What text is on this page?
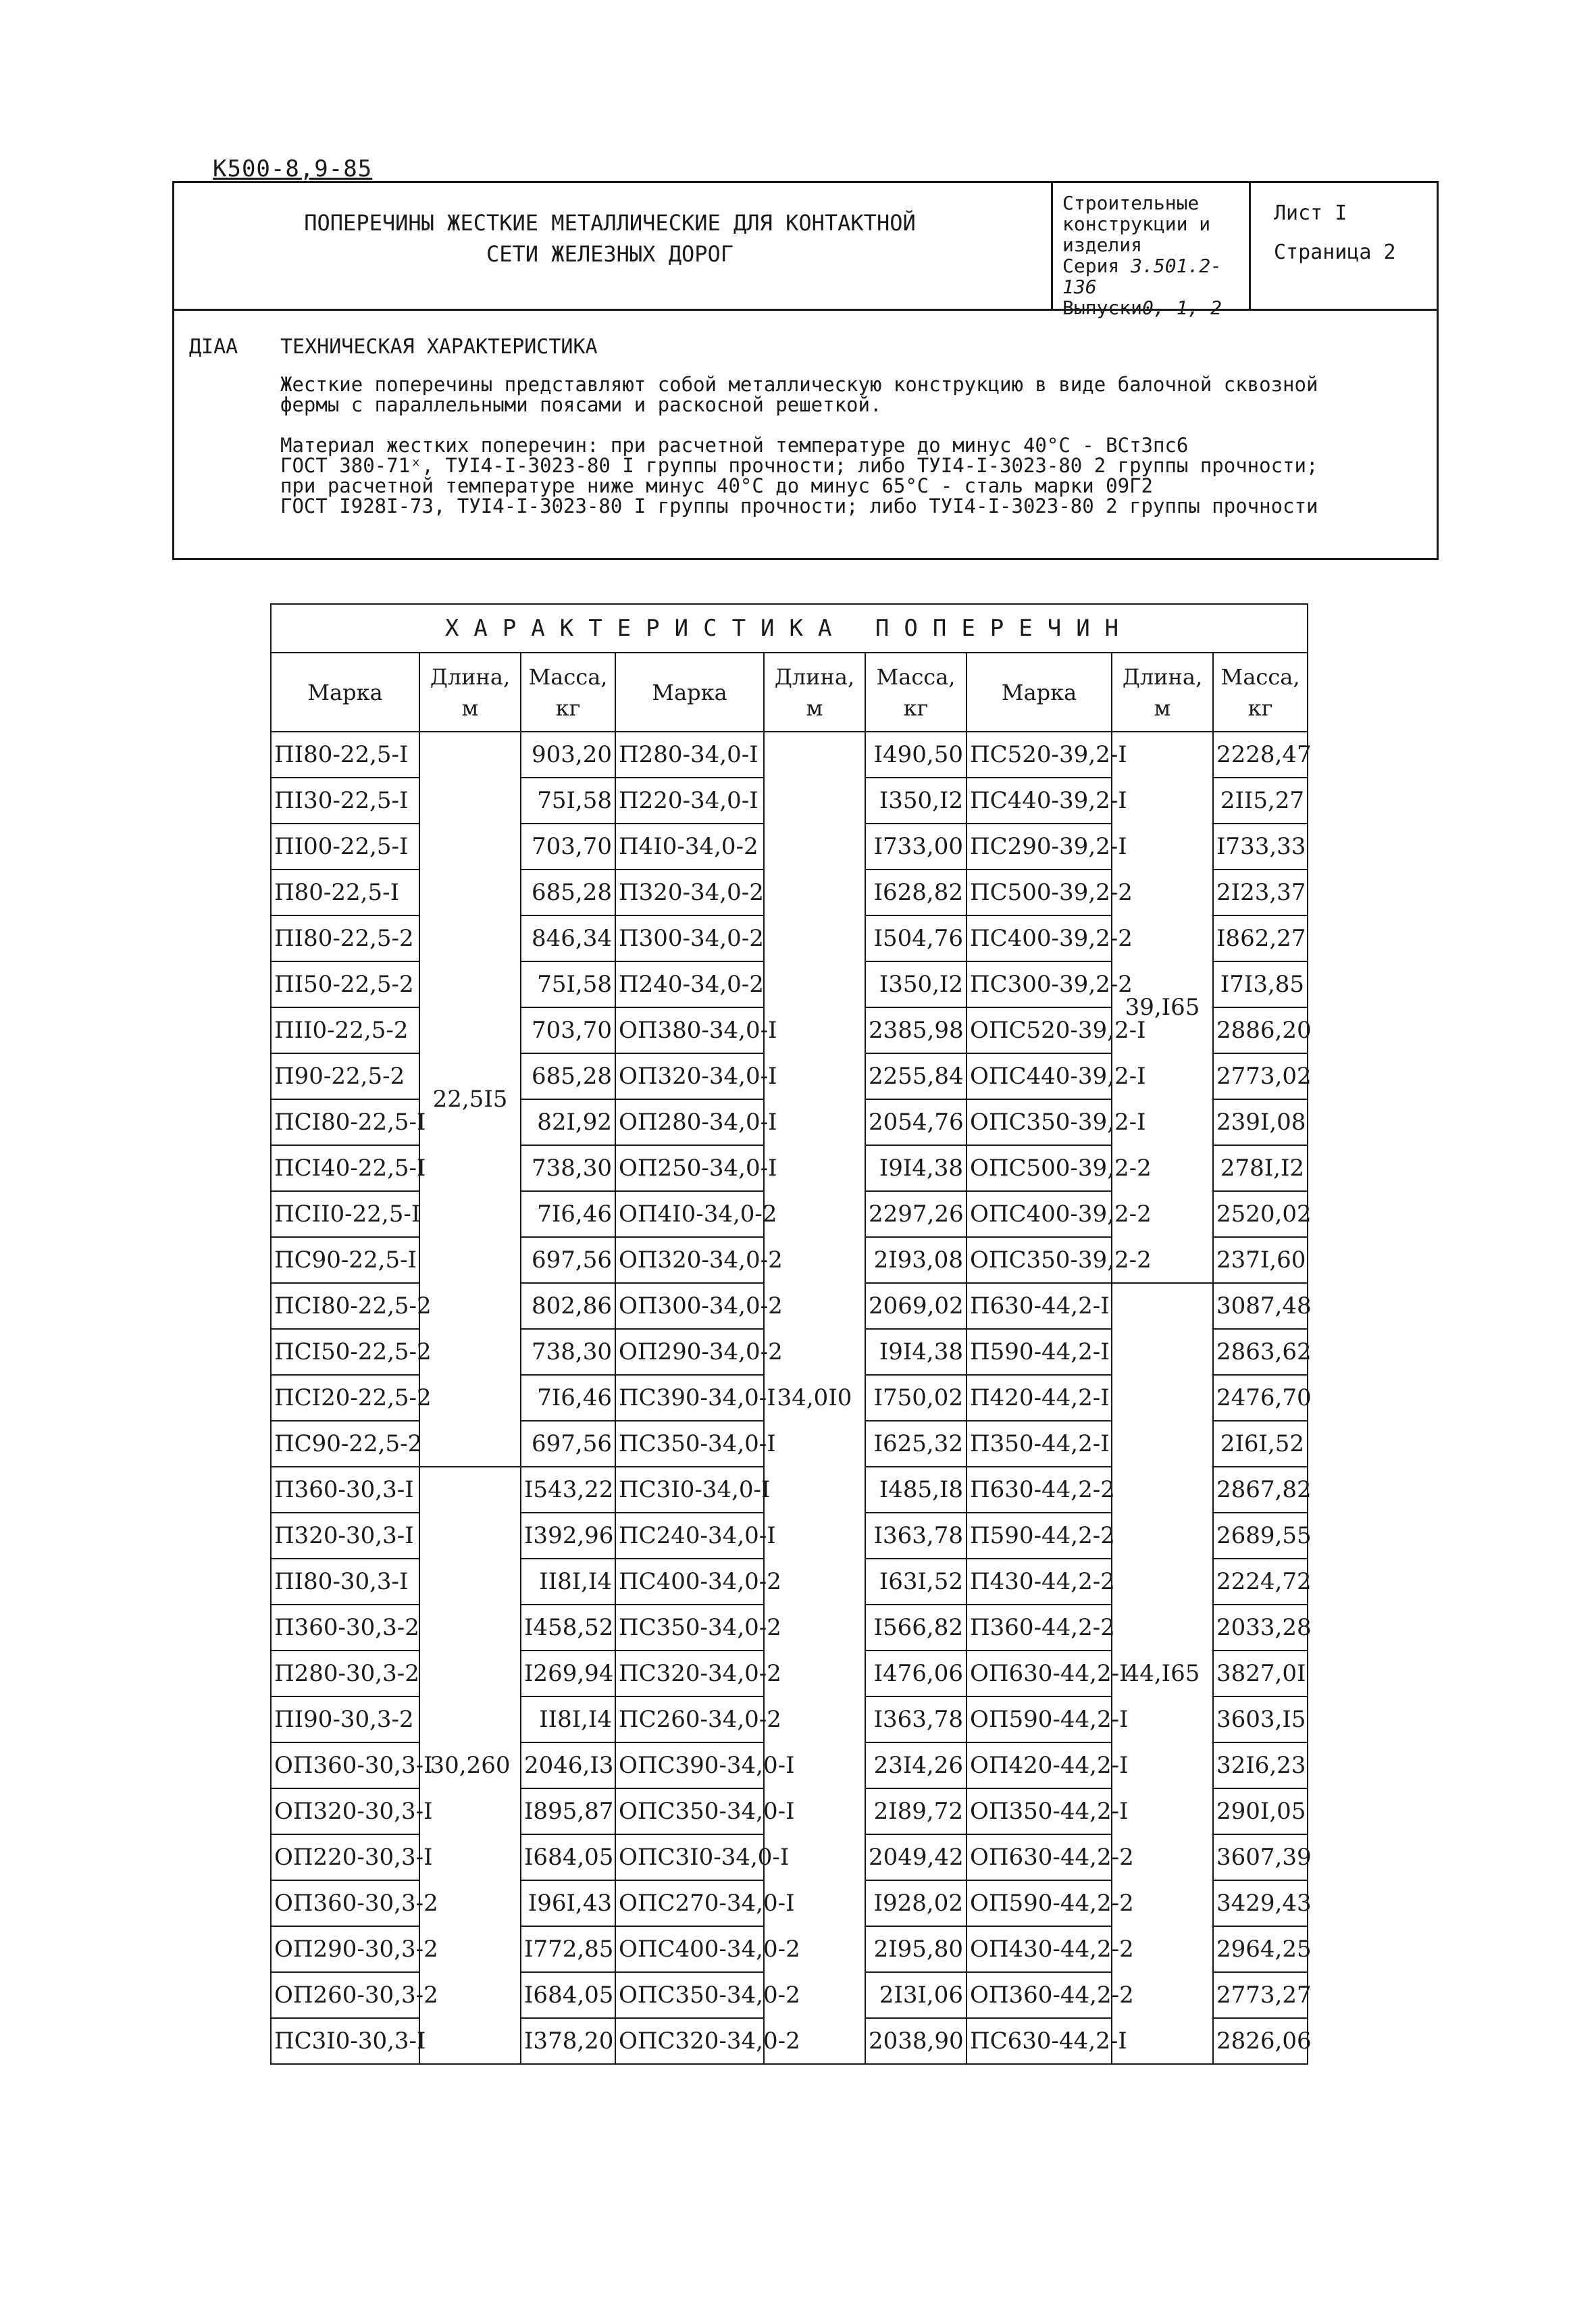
К500-8,9-85
ПОПЕРЕЧИНЫ ЖЕСТКИЕ МЕТАЛЛИЧЕСКИЕ ДЛЯ КОНТАКТНОЙ
СЕТИ ЖЕЛЕЗНЫХ ДОРОГ
Строительные
конструкции и
изделия
Серия 3.501.2-136
Выпуски0, 1, 2
Лист I
Страница 2
ДIАА ТЕХНИЧЕСКАЯ ХАРАКТЕРИСТИКА
Жесткие поперечины представляют собой металлическую конструкцию в виде балочной сквозной
фермы с параллельными поясами и раскосной решеткой.
Материал жестких поперечин: при расчетной температуре до минус 40°С - ВСт3пс6
ГОСТ 380-71ˣ, ТУI4-I-3023-80 I группы прочности; либо ТУI4-I-3023-80 2 группы прочности;
при расчетной температуре ниже минус 40°С до минус 65°С - сталь марки 09Г2
ГОСТ I928I-73, ТУI4-I-3023-80 I группы прочности; либо ТУI4-I-3023-80 2 группы прочности
ХАРАКТЕРИСТИКА ПОПЕРЕЧИН								
Марка	Длина, м	Масса, кг	Марка	Длина, м	Масса, кг	Марка	Длина, м	Масса, кг
ПI80-22,5-I	22,5I5	903,20	П280-34,0-I	34,0I0	I490,50	ПС520-39,2-I	39,I65	2228,47
ПI30-22,5-I		75I,58	П220-34,0-I		I350,I2	ПС440-39,2-I		2II5,27
ПI00-22,5-I		703,70	П4I0-34,0-2		I733,00	ПС290-39,2-I		I733,33
П80-22,5-I		685,28	П320-34,0-2		I628,82	ПС500-39,2-2		2I23,37
ПI80-22,5-2		846,34	П300-34,0-2		I504,76	ПС400-39,2-2		I862,27
ПI50-22,5-2		75I,58	П240-34,0-2		I350,I2	ПС300-39,2-2		I7I3,85
ПII0-22,5-2		703,70	ОП380-34,0-I		2385,98	ОПС520-39,2-I		2886,20
П90-22,5-2		685,28	ОП320-34,0-I		2255,84	ОПС440-39,2-I		2773,02
ПСI80-22,5-I		82I,92	ОП280-34,0-I		2054,76	ОПС350-39,2-I		239I,08
ПСI40-22,5-I		738,30	ОП250-34,0-I		I9I4,38	ОПС500-39,2-2		278I,I2
ПСII0-22,5-I		7I6,46	ОП4I0-34,0-2		2297,26	ОПС400-39,2-2		2520,02
ПС90-22,5-I		697,56	ОП320-34,0-2		2I93,08	ОПС350-39,2-2		237I,60
ПСI80-22,5-2		802,86	ОП300-34,0-2		2069,02	П630-44,2-I	44,I65	3087,48
ПСI50-22,5-2		738,30	ОП290-34,0-2		I9I4,38	П590-44,2-I		2863,62
ПСI20-22,5-2		7I6,46	ПС390-34,0-I		I750,02	П420-44,2-I		2476,70
ПС90-22,5-2		697,56	ПС350-34,0-I		I625,32	П350-44,2-I		2I6I,52
П360-30,3-I	30,260	I543,22	ПС3I0-34,0-I		I485,I8	П630-44,2-2		2867,82
П320-30,3-I		I392,96	ПС240-34,0-I		I363,78	П590-44,2-2		2689,55
ПI80-30,3-I		II8I,I4	ПС400-34,0-2		I63I,52	П430-44,2-2		2224,72
П360-30,3-2		I458,52	ПС350-34,0-2		I566,82	П360-44,2-2		2033,28
П280-30,3-2		I269,94	ПС320-34,0-2		I476,06	ОП630-44,2-I		3827,0I
ПI90-30,3-2		II8I,I4	ПС260-34,0-2		I363,78	ОП590-44,2-I		3603,I5
ОП360-30,3-I		2046,I3	ОПС390-34,0-I		23I4,26	ОП420-44,2-I		32I6,23
ОП320-30,3-I		I895,87	ОПС350-34,0-I		2I89,72	ОП350-44,2-I		290I,05
ОП220-30,3-I		I684,05	ОПС3I0-34,0-I		2049,42	ОП630-44,2-2		3607,39
ОП360-30,3-2		I96I,43	ОПС270-34,0-I		I928,02	ОП590-44,2-2		3429,43
ОП290-30,3-2		I772,85	ОПС400-34,0-2		2I95,80	ОП430-44,2-2		2964,25
ОП260-30,3-2		I684,05	ОПС350-34,0-2		2I3I,06	ОП360-44,2-2		2773,27
ПС3I0-30,3-I		I378,20	ОПС320-34,0-2		2038,90	ПС630-44,2-I		2826,06
